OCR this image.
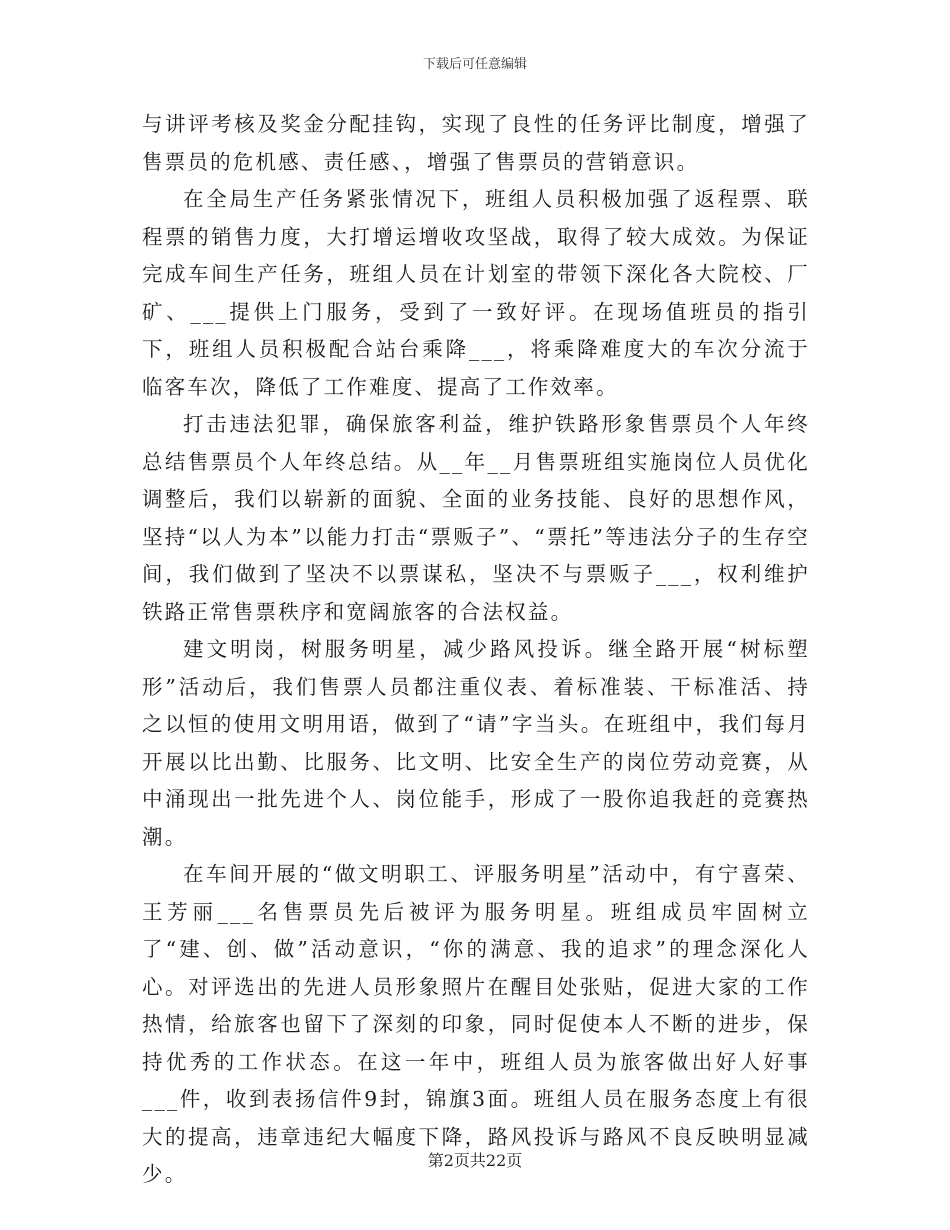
下载后可任意编辑

与讲评考核及奖金分配挂钩，实现了良性的任务评比制度，增强了售票员的危机感、责任感、，增强了售票员的营销意识。

在全局生产任务紧张情况下，班组人员积极加强了返程票、联程票的销售力度，大打增运增收攻坚战，取得了较大成效。为保证完成车间生产任务，班组人员在计划室的带领下深化各大院校、厂矿、___提供上门服务，受到了一致好评。在现场值班员的指引下，班组人员积极配合站台乘降___，将乘降难度大的车次分流于临客车次，降低了工作难度、提高了工作效率。

打击违法犯罪，确保旅客利益，维护铁路形象售票员个人年终总结售票员个人年终总结。从__年__月售票班组实施岗位人员优化调整后，我们以崭新的面貌、全面的业务技能、良好的思想作风，坚持“以人为本”以能力打击“票贩子”、“票托”等违法分子的生存空间，我们做到了坚决不以票谋私，坚决不与票贩子___，权利维护铁路正常售票秩序和宽阔旅客的合法权益。

建文明岗，树服务明星，减少路风投诉。继全路开展“树标塑形”活动后，我们售票人员都注重仪表、着标准装、干标准活、持之以恒的使用文明用语，做到了“请”字当头。在班组中，我们每月开展以比出勤、比服务、比文明、比安全生产的岗位劳动竞赛，从中涌现出一批先进个人、岗位能手，形成了一股你追我赶的竞赛热潮。

在车间开展的“做文明职工、评服务明星”活动中，有宁喜荣、王芳丽___名售票员先后被评为服务明星。班组成员牢固树立了“建、创、做”活动意识，“你的满意、我的追求”的理念深化人心。对评选出的先进人员形象照片在醒目处张贴，促进大家的工作热情，给旅客也留下了深刻的印象，同时促使本人不断的进步，保持优秀的工作状态。在这一年中，班组人员为旅客做出好人好事___件，收到表扬信件9封，锦旗3面。班组人员在服务态度上有很大的提高，违章违纪大幅度下降，路风投诉与路风不良反映明显减少。

第2页共22页
